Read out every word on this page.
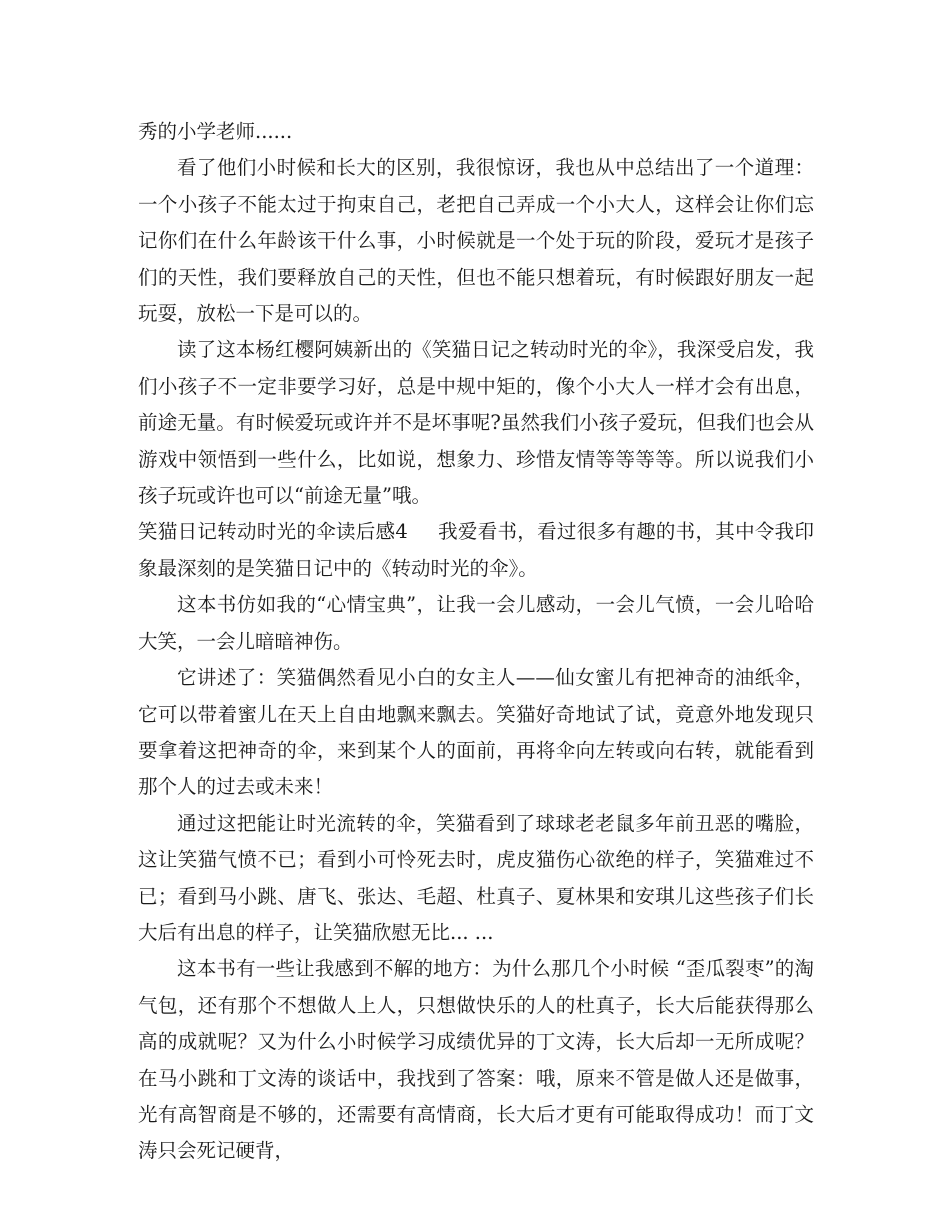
秀的小学老师......

看了他们小时候和长大的区别，我很惊讶，我也从中总结出了一个道理：一个小孩子不能太过于拘束自己，老把自己弄成一个小大人，这样会让你们忘记你们在什么年龄该干什么事，小时候就是一个处于玩的阶段，爱玩才是孩子们的天性，我们要释放自己的天性，但也不能只想着玩，有时候跟好朋友一起玩耍，放松一下是可以的。

读了这本杨红樱阿姨新出的《笑猫日记之转动时光的伞》，我深受启发，我们小孩子不一定非要学习好，总是中规中矩的，像个小大人一样才会有出息，前途无量。有时候爱玩或许并不是坏事呢?虽然我们小孩子爱玩，但我们也会从游戏中领悟到一些什么，比如说，想象力、珍惜友情等等等等。所以说我们小孩子玩或许也可以“前途无量”哦。

笑猫日记转动时光的伞读后感4 我爱看书，看过很多有趣的书，其中令我印象最深刻的是笑猫日记中的《转动时光的伞》。

这本书仿如我的“心情宝典”，让我一会儿感动，一会儿气愤，一会儿哈哈大笑，一会儿暗暗神伤。

它讲述了：笑猫偶然看见小白的女主人——仙女蜜儿有把神奇的油纸伞，它可以带着蜜儿在天上自由地飘来飘去。笑猫好奇地试了试，竟意外地发现只要拿着这把神奇的伞，来到某个人的面前，再将伞向左转或向右转，就能看到那个人的过去或未来！

通过这把能让时光流转的伞，笑猫看到了球球老老鼠多年前丑恶的嘴脸，这让笑猫气愤不已；看到小可怜死去时，虎皮猫伤心欲绝的样子，笑猫难过不已；看到马小跳、唐飞、张达、毛超、杜真子、夏林果和安琪儿这些孩子们长大后有出息的样子，让笑猫欣慰无比... ...

这本书有一些让我感到不解的地方：为什么那几个小时候 “歪瓜裂枣”的淘气包，还有那个不想做人上人，只想做快乐的人的杜真子，长大后能获得那么高的成就呢？又为什么小时候学习成绩优异的丁文涛，长大后却一无所成呢？在马小跳和丁文涛的谈话中，我找到了答案：哦，原来不管是做人还是做事，光有高智商是不够的，还需要有高情商，长大后才更有可能取得成功！而丁文涛只会死记硬背，
